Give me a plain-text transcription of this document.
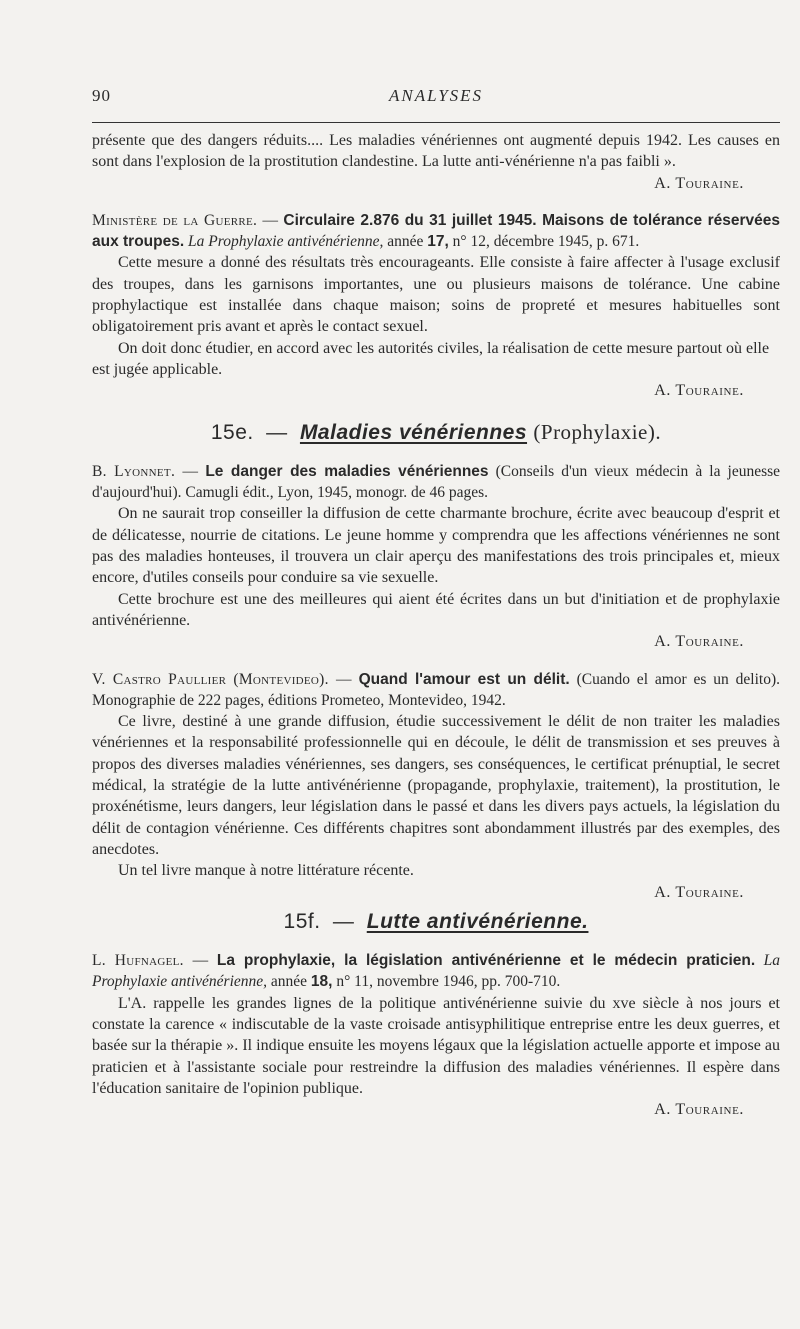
90	ANALYSES

présente que des dangers réduits.... Les maladies vénériennes ont augmenté depuis 1942. Les causes en sont dans l'explosion de la prostitution clandestine. La lutte anti-vénérienne n'a pas faibli ».

A. Touraine.

Ministère de la Guerre. — Circulaire 2.876 du 31 juillet 1945. Maisons de tolérance réservées aux troupes. La Prophylaxie antivénérienne, année 17, n° 12, décembre 1945, p. 671.

Cette mesure a donné des résultats très encourageants. Elle consiste à faire affecter à l'usage exclusif des troupes, dans les garnisons importantes, une ou plusieurs maisons de tolérance. Une cabine prophylactique est installée dans chaque maison; soins de propreté et mesures habituelles sont obligatoirement pris avant et après le contact sexuel.

On doit donc étudier, en accord avec les autorités civiles, la réalisation de cette mesure partout où elle est jugée applicable.

A. Touraine.

15e. — Maladies vénériennes (Prophylaxie).

B. Lyonnet. — Le danger des maladies vénériennes (Conseils d'un vieux médecin à la jeunesse d'aujourd'hui). Camugli édit., Lyon, 1945, monogr. de 46 pages.

On ne saurait trop conseiller la diffusion de cette charmante brochure, écrite avec beaucoup d'esprit et de délicatesse, nourrie de citations. Le jeune homme y comprendra que les affections vénériennes ne sont pas des maladies honteuses, il trouvera un clair aperçu des manifestations des trois principales et, mieux encore, d'utiles conseils pour conduire sa vie sexuelle.

Cette brochure est une des meilleures qui aient été écrites dans un but d'initiation et de prophylaxie antivénérienne.

A. Touraine.

V. Castro Paullier (Montevideo). — Quand l'amour est un délit. (Cuando el amor es un delito). Monographie de 222 pages, éditions Prometeo, Montevideo, 1942.

Ce livre, destiné à une grande diffusion, étudie successivement le délit de non traiter les maladies vénériennes et la responsabilité professionnelle qui en découle, le délit de transmission et ses preuves à propos des diverses maladies vénériennes, ses dangers, ses conséquences, le certificat prénuptial, le secret médical, la stratégie de la lutte antivénérienne (propagande, prophylaxie, traitement), la prostitution, le proxénétisme, leurs dangers, leur législation dans le passé et dans les divers pays actuels, la législation du délit de contagion vénérienne. Ces différents chapitres sont abondamment illustrés par des exemples, des anecdotes.

Un tel livre manque à notre littérature récente.

A. Touraine.

15f. — Lutte antivénérienne.

L. Hufnagel. — La prophylaxie, la législation antivénérienne et le médecin praticien. La Prophylaxie antivénérienne, année 18, n° 11, novembre 1946, pp. 700-710.

L'A. rappelle les grandes lignes de la politique antivénérienne suivie du xve siècle à nos jours et constate la carence « indiscutable de la vaste croisade antisyphilitique entreprise entre les deux guerres, et basée sur la thérapie ». Il indique ensuite les moyens légaux que la législation actuelle apporte et impose au praticien et à l'assistante sociale pour restreindre la diffusion des maladies vénériennes. Il espère dans l'éducation sanitaire de l'opinion publique.

A. Touraine.
